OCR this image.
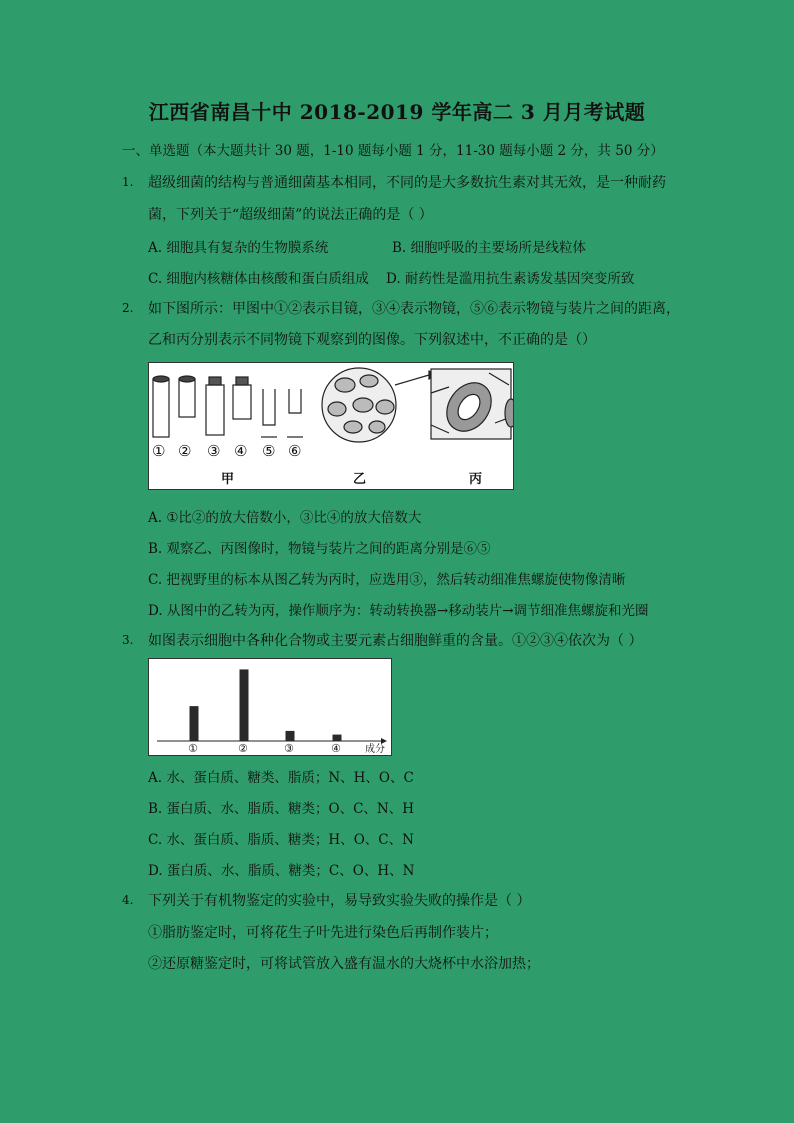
江西省南昌十中 2018-2019 学年高二 3 月月考试题
一、单选题（本大题共计 30 题，1-10 题每小题 1 分，11-30 题每小题 2 分，共 50 分）
1. 超级细菌的结构与普通细菌基本相同，不同的是大多数抗生素对其无效，是一种耐药
菌，下列关于“超级细菌”的说法正确的是（ ）
A. 细胞具有复杂的生物膜系统	B. 细胞呼吸的主要场所是线粒体
C. 细胞内核糖体由核酸和蛋白质组成 D. 耐药性是滥用抗生素诱发基因突变所致
2. 如下图所示：甲图中①②表示目镜，③④表示物镜，⑤⑥表示物镜与装片之间的距离，
乙和丙分别表示不同物镜下观察到的图像。下列叙述中，不正确的是（）
① ② ③ ④ ⑤ ⑥
甲	乙	丙
A. ①比②的放大倍数小，③比④的放大倍数大
B. 观察乙、丙图像时，物镜与装片之间的距离分别是⑥⑤
C. 把视野里的标本从图乙转为丙时，应选用③，然后转动细准焦螺旋使物像清晰
D. 从图中的乙转为丙，操作顺序为：转动转换器→移动装片→调节细准焦螺旋和光圈
3. 如图表示细胞中各种化合物或主要元素占细胞鲜重的含量。①②③④依次为（ ）
①	②	③	④ 成分
A. 水、蛋白质、糖类、脂质；N、H、O、C
B. 蛋白质、水、脂质、糖类；O、C、N、H
C. 水、蛋白质、脂质、糖类；H、O、C、N
D. 蛋白质、水、脂质、糖类；C、O、H、N
4. 下列关于有机物鉴定的实验中，易导致实验失败的操作是（ ）
①脂肪鉴定时，可将花生子叶先进行染色后再制作装片；
②还原糖鉴定时，可将试管放入盛有温水的大烧杯中水浴加热；
